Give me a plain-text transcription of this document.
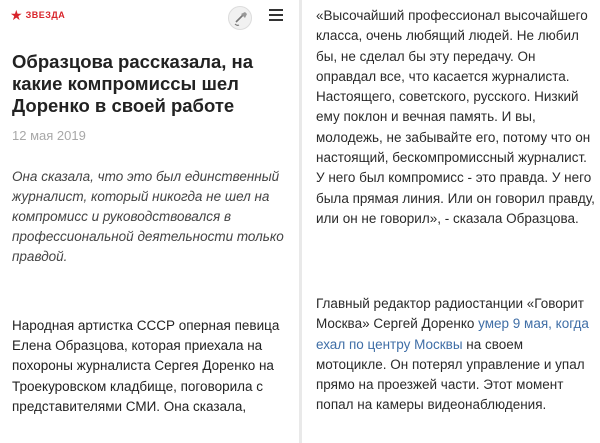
★ ЗВЕЗДА
Образцова рассказала, на какие компромиссы шел Доренко в своей работе
12 мая 2019

Она сказала, что это был единственный журналист, который никогда не шел на компромисс и руководствовался в профессиональной деятельности только правдой.

Народная артистка СССР оперная певица Елена Образцова, которая приехала на похороны журналиста Сергея Доренко на Троекуровском кладбище, поговорила с представителями СМИ. Она сказала,

«Высочайший профессионал высочайшего класса, очень любящий людей. Не любил бы, не сделал бы эту передачу. Он оправдал все, что касается журналиста. Настоящего, советского, русского. Низкий ему поклон и вечная память. И вы, молодежь, не забывайте его, потому что он настоящий, бескомпромиссный журналист. У него был компромисс - это правда. У него была прямая линия. Или он говорил правду, или он не говорил», - сказала Образцова.

Главный редактор радиостанции «Говорит Москва» Сергей Доренко умер 9 мая, когда ехал по центру Москвы на своем мотоцикле. Он потерял управление и упал прямо на проезжей части. Этот момент попал на камеры видеонаблюдения.
